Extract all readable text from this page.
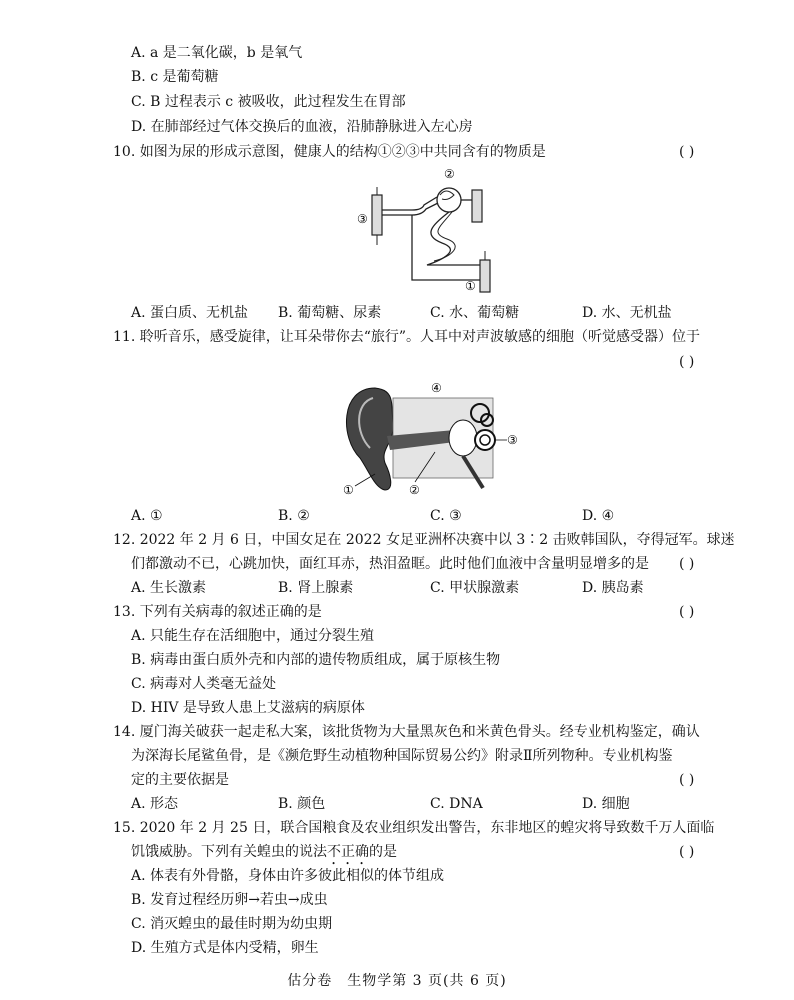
A. a 是二氧化碳，b 是氧气
B. c 是葡萄糖
C. B 过程表示 c 被吸收，此过程发生在胃部
D. 在肺部经过气体交换后的血液，沿肺静脉进入左心房
10. 如图为尿的形成示意图，健康人的结构①②③中共同含有的物质是	( )
②
③
①
A. 蛋白质、无机盐 B. 葡萄糖、尿素	C. 水、葡萄糖	D. 水、无机盐
11. 聆听音乐，感受旋律，让耳朵带你去“旅行”。人耳中对声波敏感的细胞（听觉感受器）位于
( )
④
③
②
①
A. ①	B. ②	C. ③	D. ④
12. 2022 年 2 月 6 日，中国女足在 2022 女足亚洲杯决赛中以 3∶2 击败韩国队，夺得冠军。球迷
们都激动不已，心跳加快，面红耳赤，热泪盈眶。此时他们血液中含量明显增多的是 ( )
A. 生长激素	B. 肾上腺素	C. 甲状腺激素	D. 胰岛素
13. 下列有关病毒的叙述正确的是	( )
A. 只能生存在活细胞中，通过分裂生殖
B. 病毒由蛋白质外壳和内部的遗传物质组成，属于原核生物
C. 病毒对人类毫无益处
D. HIV 是导致人患上艾滋病的病原体
14. 厦门海关破获一起走私大案，该批货物为大量黑灰色和米黄色骨头。经专业机构鉴定，确认
为深海长尾鲨鱼骨，是《濒危野生动植物种国际贸易公约》附录Ⅱ所列物种。专业机构鉴
定的主要依据是	( )
A. 形态	B. 颜色	C. DNA	D. 细胞
15. 2020 年 2 月 25 日，联合国粮食及农业组织发出警告，东非地区的蝗灾将导致数千万人面临
饥饿威胁。下列有关蝗虫的说法不正确的是	( )
A. 体表有外骨骼，身体由许多彼此相似的体节组成
B. 发育过程经历卵→若虫→成虫
C. 消灭蝗虫的最佳时期为幼虫期
D. 生殖方式是体内受精，卵生
估分卷　生物学第 3 页(共 6 页)
